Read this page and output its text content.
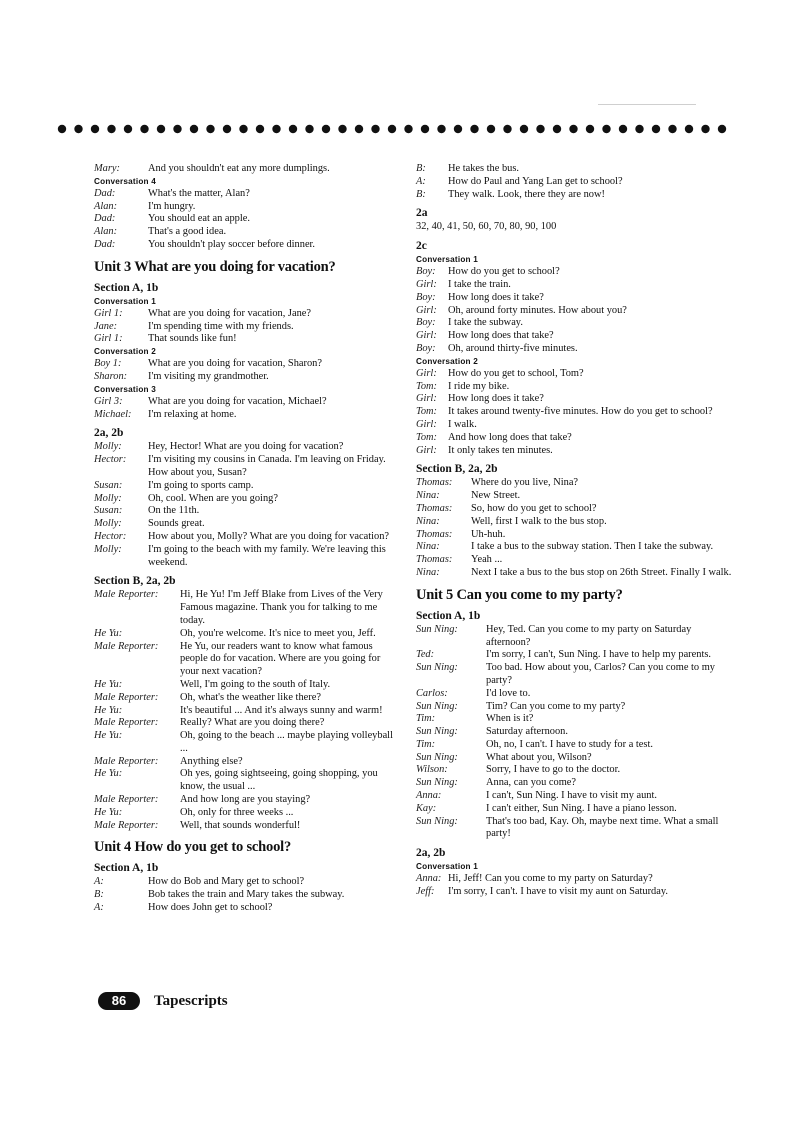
Mary:	And you shouldn't eat any more dumplings.
Conversation 4
Dad:	What's the matter, Alan?
Alan:	I'm hungry.
Dad:	You should eat an apple.
Alan:	That's a good idea.
Dad:	You shouldn't play soccer before dinner.
Unit 3 What are you doing for vacation?
Section A, 1b
Conversation 1
Girl 1:	What are you doing for vacation, Jane?
Jane:	I'm spending time with my friends.
Girl 1:	That sounds like fun!
Conversation 2
Boy 1:	What are you doing for vacation, Sharon?
Sharon:	I'm visiting my grandmother.
Conversation 3
Girl 3:	What are you doing for vacation, Michael?
Michael:	I'm relaxing at home.
2a, 2b
Molly:	Hey, Hector! What are you doing for vacation?
Hector:	I'm visiting my cousins in Canada. I'm leaving on Friday. How about you, Susan?
Susan:	I'm going to sports camp.
Molly:	Oh, cool. When are you going?
Susan:	On the 11th.
Molly:	Sounds great.
Hector:	How about you, Molly? What are you doing for vacation?
Molly:	I'm going to the beach with my family. We're leaving this weekend.
Section B, 2a, 2b
Male Reporter:	Hi, He Yu! I'm Jeff Blake from Lives of the Very Famous magazine. Thank you for talking to me today.
He Yu:	Oh, you're welcome. It's nice to meet you, Jeff.
Male Reporter:	He Yu, our readers want to know what famous people do for vacation. Where are you going for your next vacation?
He Yu:	Well, I'm going to the south of Italy.
Male Reporter:	Oh, what's the weather like there?
He Yu:	It's beautiful ... And it's always sunny and warm!
Male Reporter:	Really? What are you doing there?
He Yu:	Oh, going to the beach ... maybe playing volleyball ...
Male Reporter:	Anything else?
He Yu:	Oh yes, going sightseeing, going shopping, you know, the usual ...
Male Reporter:	And how long are you staying?
He Yu:	Oh, only for three weeks ...
Male Reporter:	Well, that sounds wonderful!
Unit 4 How do you get to school?
Section A, 1b
A:	How do Bob and Mary get to school?
B:	Bob takes the train and Mary takes the subway.
A:	How does John get to school?
B:	He takes the bus.
A:	How do Paul and Yang Lan get to school?
B:	They walk. Look, there they are now!
2a
32, 40, 41, 50, 60, 70, 80, 90, 100
2c
Conversation 1
Boy:	How do you get to school?
Girl:	I take the train.
Boy:	How long does it take?
Girl:	Oh, around forty minutes. How about you?
Boy:	I take the subway.
Girl:	How long does that take?
Boy:	Oh, around thirty-five minutes.
Conversation 2
Girl:	How do you get to school, Tom?
Tom:	I ride my bike.
Girl:	How long does it take?
Tom:	It takes around twenty-five minutes. How do you get to school?
Girl:	I walk.
Tom:	And how long does that take?
Girl:	It only takes ten minutes.
Section B, 2a, 2b
Thomas:	Where do you live, Nina?
Nina:	New Street.
Thomas:	So, how do you get to school?
Nina:	Well, first I walk to the bus stop.
Thomas:	Uh-huh.
Nina:	I take a bus to the subway station. Then I take the subway.
Thomas:	Yeah ...
Nina:	Next I take a bus to the bus stop on 26th Street. Finally I walk.
Unit 5 Can you come to my party?
Section A, 1b
Sun Ning:	Hey, Ted. Can you come to my party on Saturday afternoon?
Ted:	I'm sorry, I can't, Sun Ning. I have to help my parents.
Sun Ning:	Too bad. How about you, Carlos? Can you come to my party?
Carlos:	I'd love to.
Sun Ning:	Tim? Can you come to my party?
Tim:	When is it?
Sun Ning:	Saturday afternoon.
Tim:	Oh, no, I can't. I have to study for a test.
Sun Ning:	What about you, Wilson?
Wilson:	Sorry, I have to go to the doctor.
Sun Ning:	Anna, can you come?
Anna:	I can't, Sun Ning. I have to visit my aunt.
Kay:	I can't either, Sun Ning. I have a piano lesson.
Sun Ning:	That's too bad, Kay. Oh, maybe next time. What a small party!
2a, 2b
Conversation 1
Anna: Hi, Jeff! Can you come to my party on Saturday?
Jeff:	I'm sorry, I can't. I have to visit my aunt on Saturday.
86	Tapescripts
